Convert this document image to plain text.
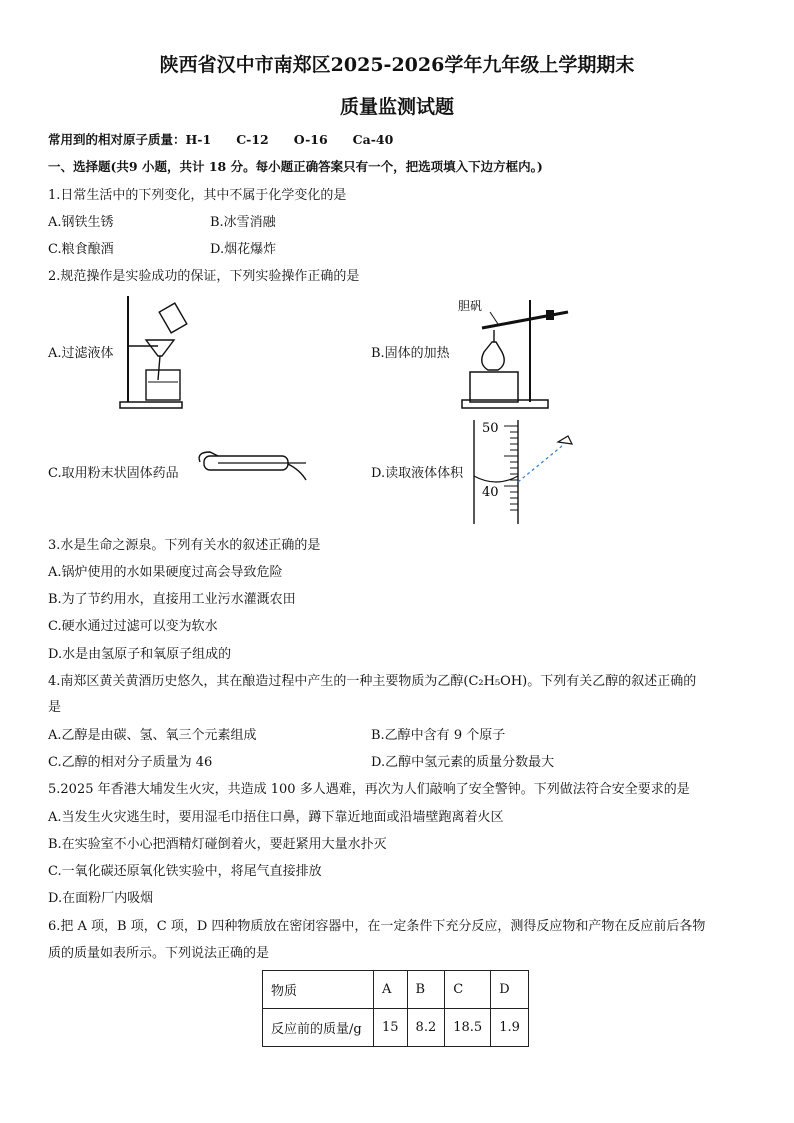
陕西省汉中市南郑区2025-2026学年九年级上学期期末
质量监测试题
常用到的相对原子质量：H-1　　C-12　　O-16　　Ca-40
一、选择题(共9 小题，共计 18 分。每小题正确答案只有一个，把选项填入下边方框内。)
1.日常生活中的下列变化，其中不属于化学变化的是
A.钢铁生锈	B.冰雪消融
C.粮食酿酒	D.烟花爆炸
2.规范操作是实验成功的保证，下列实验操作正确的是
A.过滤液体
胆矾
B.固体的加热
C.取用粉末状固体药品
50
40
D.读取液体体积
3.水是生命之源泉。下列有关水的叙述正确的是
A.锅炉使用的水如果硬度过高会导致危险
B.为了节约用水，直接用工业污水灌溉农田
C.硬水通过过滤可以变为软水
D.水是由氢原子和氧原子组成的
4.南郑区黄关黄酒历史悠久，其在酿造过程中产生的一种主要物质为乙醇(C₂H₅OH)。下列有关乙醇的叙述正确的
是
A.乙醇是由碳、氢、氧三个元素组成	B.乙醇中含有 9 个原子
C.乙醇的相对分子质量为 46	D.乙醇中氢元素的质量分数最大
5.2025 年香港大埔发生火灾，共造成 100 多人遇难，再次为人们敲响了安全警钟。下列做法符合安全要求的是
A.当发生火灾逃生时，要用湿毛巾捂住口鼻，蹲下靠近地面或沿墙壁跑离着火区
B.在实验室不小心把酒精灯碰倒着火，要赶紧用大量水扑灭
C.一氧化碳还原氧化铁实验中，将尾气直接排放
D.在面粉厂内吸烟
6.把 A 项，B 项，C 项，D 四种物质放在密闭容器中，在一定条件下充分反应，测得反应物和产物在反应前后各物
质的质量如表所示。下列说法正确的是
物质	A	B	C	D
反应前的质量/g	15	8.2	18.5	1.9
